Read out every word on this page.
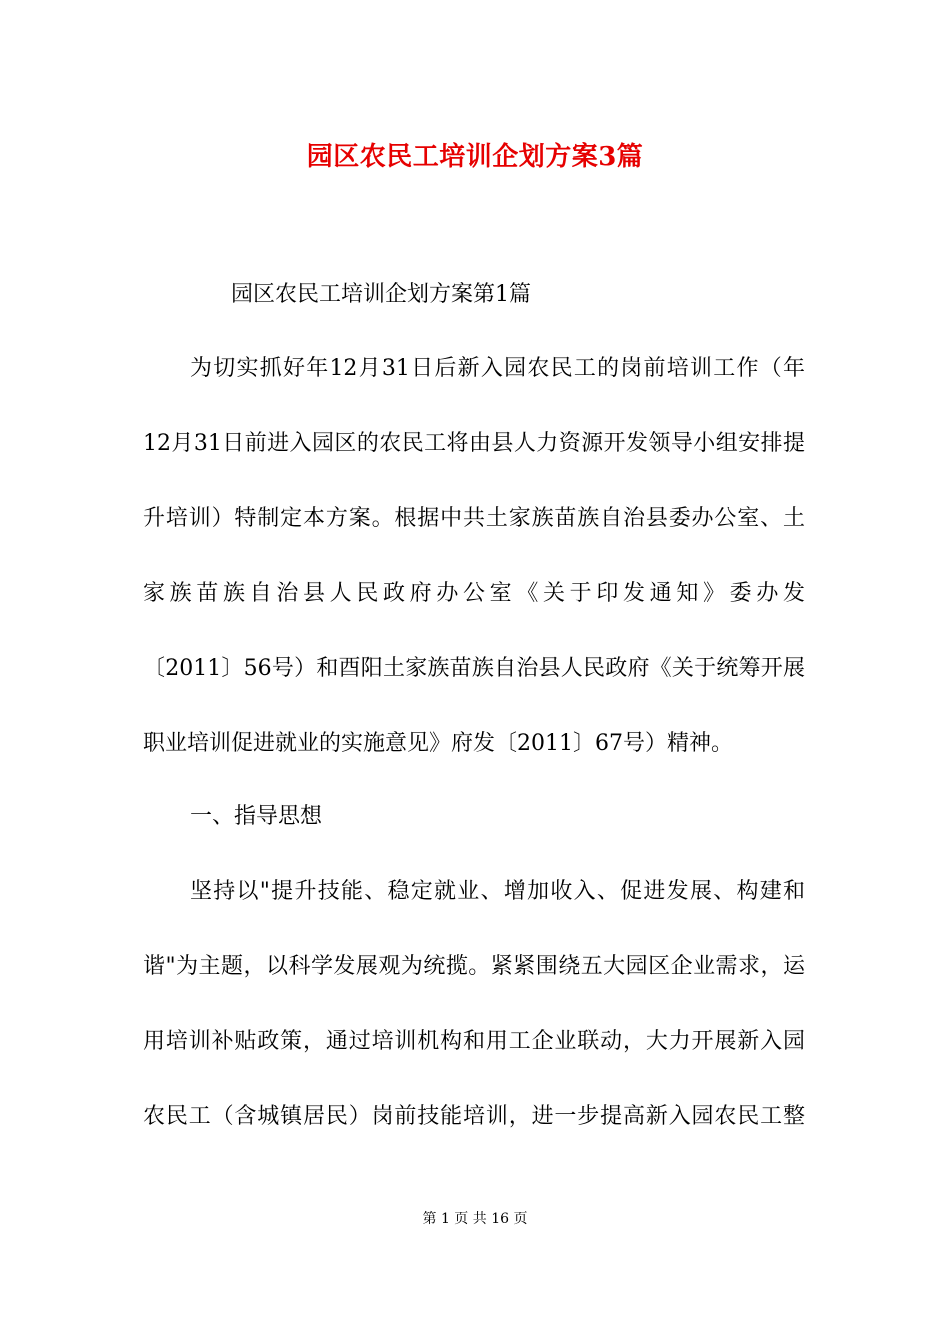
园区农民工培训企划方案3篇
园区农民工培训企划方案第1篇
为切实抓好年12月31日后新入园农民工的岗前培训工作（年
12月31日前进入园区的农民工将由县人力资源开发领导小组安排提
升培训）特制定本方案。根据中共土家族苗族自治县委办公室、土
家族苗族自治县人民政府办公室《关于印发通知》委办发
〔2011〕56号）和酉阳土家族苗族自治县人民政府《关于统筹开展
职业培训促进就业的实施意见》府发〔2011〕67号）精神。
一、指导思想
坚持以"提升技能、稳定就业、增加收入、促进发展、构建和
谐"为主题，以科学发展观为统揽。紧紧围绕五大园区企业需求，运
用培训补贴政策，通过培训机构和用工企业联动，大力开展新入园
农民工（含城镇居民）岗前技能培训，进一步提高新入园农民工整
第 1 页 共 16 页
